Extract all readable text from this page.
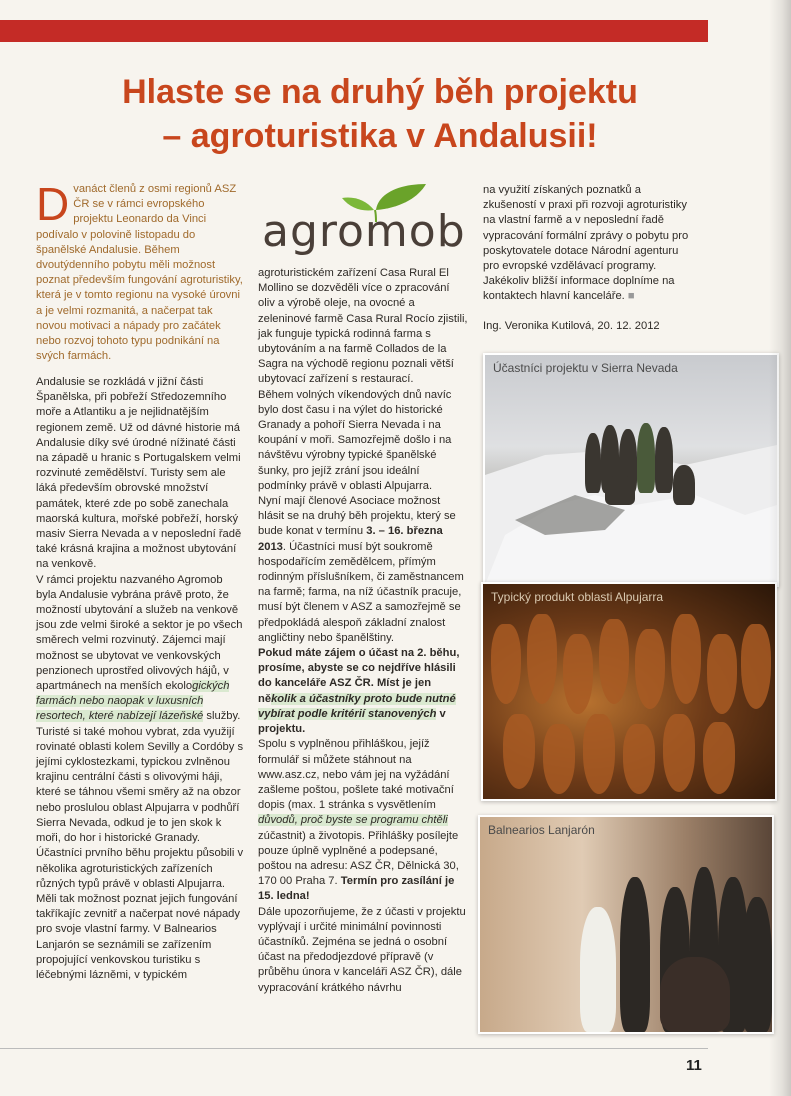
Hlaste se na druhý běh projektu
– agroturistika v Andalusii!
Dvanáct členů z osmi regionů ASZ ČR se v rámci evropského projektu Leonardo da Vinci podívalo v polovině listopadu do španělské Andalusie. Během dvoutýdenního pobytu měli možnost poznat především fungování agroturistiky, která je v tomto regionu na vysoké úrovni a je velmi rozmanitá, a načerpat tak novou motivaci a nápady pro začátek nebo rozvoj tohoto typu podnikání na svých farmách.
agromob

Andalusie se rozkládá v jižní části Španělska, při pobřeží Středozemního moře a Atlantiku a je nejlidnatějším regionem země. Už od dávné historie má Andalusie díky své úrodné nížinaté části na západě u hranic s Portugalskem velmi rozvinuté zemědělství. Turisty sem ale láká především obrovské množství památek, které zde po sobě zanechala maorská kultura, mořské pobřeží, horský masiv Sierra Nevada a v neposlední řadě také krásná krajina a možnost ubytování na venkově.

V rámci projektu nazvaného Agromob byla Andalusie vybrána právě proto, že možností ubytování a služeb na venkově jsou zde velmi široké a sektor je po všech směrech velmi rozvinutý. Zájemci mají možnost se ubytovat ve venkovských penzionech uprostřed olivových hájů, v apartmánech na menších ekologických farmách nebo naopak v luxusních resortech, které nabízejí lázeňské služby. Turisté si také mohou vybrat, zda využijí rovinaté oblasti kolem Sevilly a Cordóby s jejími cyklostezkami, typickou zvlněnou krajinu centrální části s olivovými háji, které se táhnou všemi směry až na obzor nebo proslulou oblast Alpujarra v podhůří Sierra Nevada, odkud je to jen skok k moři, do hor i historické Granady.

Účastníci prvního běhu projektu působili v několika agroturistických zařízeních různých typů právě v oblasti Alpujarra. Měli tak možnost poznat jejich fungování takříkajíc zevnitř a načerpat nové nápady pro svoje vlastní farmy. V Balnearios Lanjarón se seznámili se zařízením propojující venkovskou turistiku s léčebnými lázněmi, v typickém

agroturistickém zařízení Casa Rural El Mollino se dozvěděli více o zpracování oliv a výrobě oleje, na ovocné a zeleninové farmě Casa Rural Rocío zjistili, jak funguje typická rodinná farma s ubytováním a na farmě Collados de la Sagra na východě regionu poznali větší ubytovací zařízení s restaurací.

Během volných víkendových dnů navíc bylo dost času i na výlet do historické Granady a pohoří Sierra Nevada i na koupání v moři. Samozřejmě došlo i na návštěvu výrobny typické španělské šunky, pro jejíž zrání jsou ideální podmínky právě v oblasti Alpujarra.

Nyní mají členové Asociace možnost hlásit se na druhý běh projektu, který se bude konat v termínu 3. – 16. března 2013. Účastníci musí být soukromě hospodařícím zemědělcem, přímým rodinným příslušníkem, či zaměstnancem na farmě; farma, na níž účastník pracuje, musí být členem v ASZ a samozřejmě se předpokládá alespoň základní znalost angličtiny nebo španělštiny.

Pokud máte zájem o účast na 2. běhu, prosíme, abyste se co nejdříve hlásili do kanceláře ASZ ČR. Míst je jen několik a účastníky proto bude nutné vybírat podle kritérií stanovených v projektu.

Spolu s vyplněnou přihláškou, jejíž formulář si můžete stáhnout na www.asz.cz, nebo vám jej na vyžádání zašleme poštou, pošlete také motivační dopis (max. 1 stránka s vysvětlením důvodů, proč byste se programu chtěli zúčastnit) a životopis. Přihlášky posílejte pouze úplně vyplněné a podepsané, poštou na adresu: ASZ ČR, Dělnická 30, 170 00 Praha 7. Termín pro zasílání je 15. ledna!

Dále upozorňujeme, že z účasti v projektu vyplývají i určité minimální povinnosti účastníků. Zejména se jedná o osobní účast na předodjezdové přípravě (v průběhu února v kanceláři ASZ ČR), dále vypracování krátkého návrhu

na využití získaných poznatků a zkušeností v praxi při rozvoji agroturistiky na vlastní farmě a v neposlední řadě vypracování formální zprávy o pobytu pro poskytovatele dotace Národní agenturu pro evropské vzdělávací programy. Jakékoliv bližší informace doplníme na kontaktech hlavní kanceláře. ■

Ing. Veronika Kutilová, 20. 12. 2012

Účastníci projektu v Sierra Nevada
Typický produkt oblasti Alpujarra
Balnearios Lanjarón
11
